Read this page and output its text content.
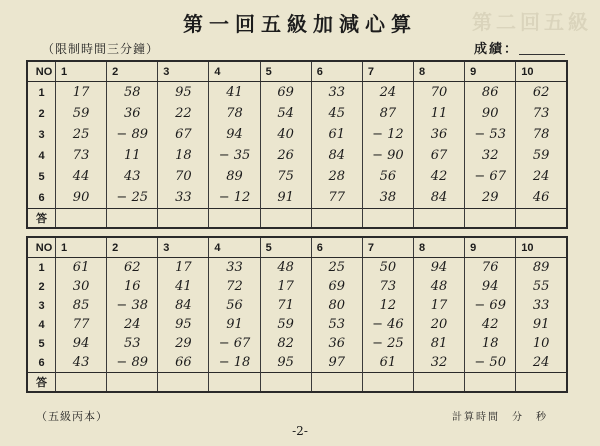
第二回五級
第一回五級加減心算
（限制時間三分鐘）	成績：
NO	1	2	3	4	5	6	7	8	9	10
1	17	58	95	41	69	33	24	70	86	62
2	59	36	22	78	54	45	87	11	90	73
3	25	− 89	67	94	40	61	− 12	36	− 53	78
4	73	11	18	− 35	26	84	− 90	67	32	59
5	44	43	70	89	75	28	56	42	− 67	24
6	90	− 25	33	− 12	91	77	38	84	29	46
答										
NO	1	2	3	4	5	6	7	8	9	10
1	61	62	17	33	48	25	50	94	76	89
2	30	16	41	72	17	69	73	48	94	55
3	85	− 38	84	56	71	80	12	17	− 69	33
4	77	24	95	91	59	53	− 46	20	42	91
5	94	53	29	− 67	82	36	− 25	81	18	10
6	43	− 89	66	− 18	95	97	61	32	− 50	24
答										
（五級丙本）	計算時間　分　秒
-2-
